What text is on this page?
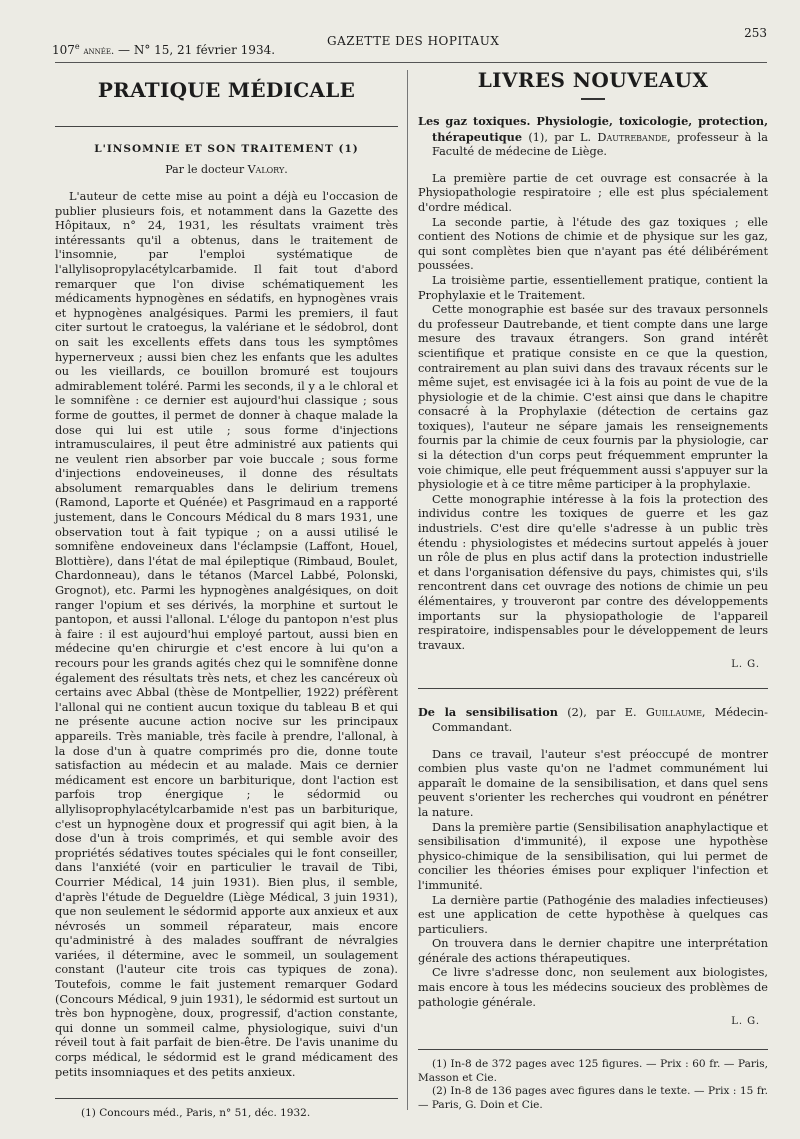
107e année. — N° 15, 21 février 1934.
GAZETTE DES HOPITAUX
253
PRATIQUE MÉDICALE
L'INSOMNIE ET SON TRAITEMENT (1)
Par le docteur Valory.

L'auteur de cette mise au point a déjà eu l'occasion de publier plusieurs fois, et notamment dans la Gazette des Hôpitaux, n° 24, 1931, les résultats vraiment très intéressants qu'il a obtenus, dans le traitement de l'insomnie, par l'emploi systématique de l'allylisopropylacétylcarbamide. Il fait tout d'abord remarquer que l'on divise schématiquement les médicaments hypnogènes en sédatifs, en hypnogènes vrais et hypnogènes analgésiques. Parmi les premiers, il faut citer surtout le cratoegus, la valériane et le sédobrol, dont on sait les excellents effets dans tous les symptômes hypernerveux ; aussi bien chez les enfants que les adultes ou les vieillards, ce bouillon bromuré est toujours admirablement toléré. Parmi les seconds, il y a le chloral et le somnifène : ce dernier est aujourd'hui classique ; sous forme de gouttes, il permet de donner à chaque malade la dose qui lui est utile ; sous forme d'injections intramusculaires, il peut être administré aux patients qui ne veulent rien absorber par voie buccale ; sous forme d'injections endoveineuses, il donne des résultats absolument remarquables dans le delirium tremens (Ramond, Laporte et Quénée) et Pasgrimaud en a rapporté justement, dans le Concours Médical du 8 mars 1931, une observation tout à fait typique ; on a aussi utilisé le somnifène endoveineux dans l'éclampsie (Laffont, Houel, Blottière), dans l'état de mal épileptique (Rimbaud, Boulet, Chardonneau), dans le tétanos (Marcel Labbé, Polonski, Grognot), etc. Parmi les hypnogènes analgésiques, on doit ranger l'opium et ses dérivés, la morphine et surtout le pantopon, et aussi l'allonal. L'éloge du pantopon n'est plus à faire : il est aujourd'hui employé partout, aussi bien en médecine qu'en chirurgie et c'est encore à lui qu'on a recours pour les grands agités chez qui le somnifène donne également des résultats très nets, et chez les cancéreux où certains avec Abbal (thèse de Montpellier, 1922) préfèrent l'allonal qui ne contient aucun toxique du tableau B et qui ne présente aucune action nocive sur les principaux appareils. Très maniable, très facile à prendre, l'allonal, à la dose d'un à quatre comprimés pro die, donne toute satisfaction au médecin et au malade. Mais ce dernier médicament est encore un barbiturique, dont l'action est parfois trop énergique ; le sédormid ou allylisoprophylacétylcarbamide n'est pas un barbiturique, c'est un hypnogène doux et progressif qui agit bien, à la dose d'un à trois comprimés, et qui semble avoir des propriétés sédatives toutes spéciales qui le font conseiller, dans l'anxiété (voir en particulier le travail de Tibi, Courrier Médical, 14 juin 1931). Bien plus, il semble, d'après l'étude de Degueldre (Liège Médical, 3 juin 1931), que non seulement le sédormid apporte aux anxieux et aux névrosés un sommeil réparateur, mais encore qu'administré à des malades souffrant de névralgies variées, il détermine, avec le sommeil, un soulagement constant (l'auteur cite trois cas typiques de zona). Toutefois, comme le fait justement remarquer Godard (Concours Médical, 9 juin 1931), le sédormid est surtout un très bon hypnogène, doux, progressif, d'action constante, qui donne un sommeil calme, physiologique, suivi d'un réveil tout à fait parfait de bien-être. De l'avis unanime du corps médical, le sédormid est le grand médicament des petits insomniaques et des petits anxieux.

(1) Concours méd., Paris, n° 51, déc. 1932.

LIVRES NOUVEAUX

Les gaz toxiques. Physiologie, toxicologie, protection, thérapeutique (1), par L. Dautrebande, professeur à la Faculté de médecine de Liège.

La première partie de cet ouvrage est consacrée à la Physiopathologie respiratoire ; elle est plus spécialement d'ordre médical.

La seconde partie, à l'étude des gaz toxiques ; elle contient des Notions de chimie et de physique sur les gaz, qui sont complètes bien que n'ayant pas été délibérément poussées.

La troisième partie, essentiellement pratique, contient la Prophylaxie et le Traitement.

Cette monographie est basée sur des travaux personnels du professeur Dautrebande, et tient compte dans une large mesure des travaux étrangers. Son grand intérêt scientifique et pratique consiste en ce que la question, contrairement au plan suivi dans des travaux récents sur le même sujet, est envisagée ici à la fois au point de vue de la physiologie et de la chimie. C'est ainsi que dans le chapitre consacré à la Prophylaxie (détection de certains gaz toxiques), l'auteur ne sépare jamais les renseignements fournis par la chimie de ceux fournis par la physiologie, car si la détection d'un corps peut fréquemment emprunter la voie chimique, elle peut fréquemment aussi s'appuyer sur la physiologie et à ce titre même participer à la prophylaxie.

Cette monographie intéresse à la fois la protection des individus contre les toxiques de guerre et les gaz industriels. C'est dire qu'elle s'adresse à un public très étendu : physiologistes et médecins surtout appelés à jouer un rôle de plus en plus actif dans la protection industrielle et dans l'organisation défensive du pays, chimistes qui, s'ils rencontrent dans cet ouvrage des notions de chimie un peu élémentaires, y trouveront par contre des développements importants sur la physiopathologie de l'appareil respiratoire, indispensables pour le développement de leurs travaux.

L. G.

De la sensibilisation (2), par E. Guillaume, Médecin-Commandant.

Dans ce travail, l'auteur s'est préoccupé de montrer combien plus vaste qu'on ne l'admet communément lui apparaît le domaine de la sensibilisation, et dans quel sens peuvent s'orienter les recherches qui voudront en pénétrer la nature.

Dans la première partie (Sensibilisation anaphylactique et sensibilisation d'immunité), il expose une hypothèse physico-chimique de la sensibilisation, qui lui permet de concilier les théories émises pour expliquer l'infection et l'immunité.

La dernière partie (Pathogénie des maladies infectieuses) est une application de cette hypothèse à quelques cas particuliers.

On trouvera dans le dernier chapitre une interprétation générale des actions thérapeutiques.

Ce livre s'adresse donc, non seulement aux biologistes, mais encore à tous les médecins soucieux des problèmes de pathologie générale.

L. G.

(1) In-8 de 372 pages avec 125 figures. — Prix : 60 fr. — Paris, Masson et Cie.

(2) In-8 de 136 pages avec figures dans le texte. — Prix : 15 fr. — Paris, G. Doin et Cie.
